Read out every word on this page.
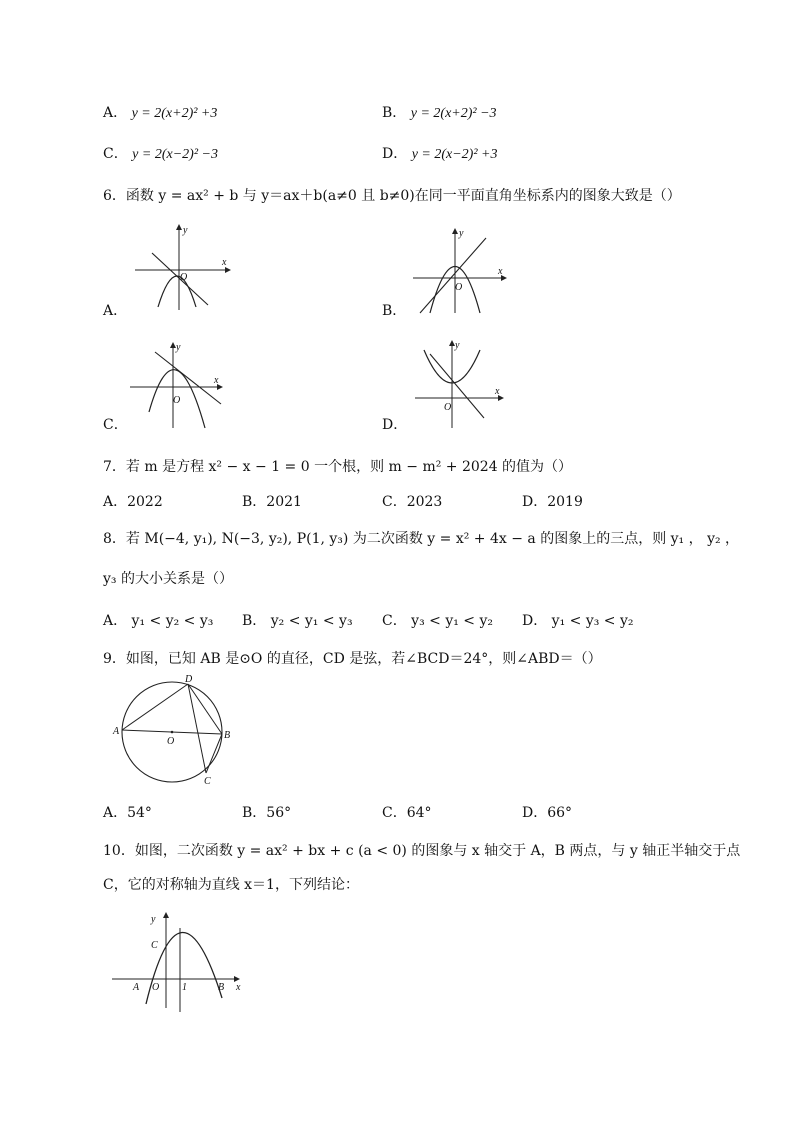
A． y = 2(x+2)² +3	B． y = 2(x+2)² −3
C． y = 2(x−2)² −3	D． y = 2(x−2)² +3
6．函数 y = ax² + b 与 y＝ax＋b(a≠0 且 b≠0)在同一平面直角坐标系内的图象大致是（）
x
y
O
A．
x
y
O
B．
x
y
O
C．
x
y
O
D．
7．若 m 是方程 x² − x − 1 = 0 一个根，则 m − m² + 2024 的值为（）
A．2022	B．2021	C．2023	D．2019
8．若 M(−4, y₁), N(−3, y₂), P(1, y₃) 为二次函数 y = x² + 4x − a 的图象上的三点，则 y₁ ， y₂ ，
y₃ 的大小关系是（）
A． y₁ < y₂ < y₃ B． y₂ < y₁ < y₃ C． y₃ < y₁ < y₂ D． y₁ < y₃ < y₂
9．如图，已知 AB 是⊙O 的直径，CD 是弦，若∠BCD＝24°，则∠ABD＝（）
A	B
C
D
O
A．54°	B．56°	C．64°	D．66°
10．如图，二次函数 y = ax² + bx + c (a < 0) 的图象与 x 轴交于 A，B 两点，与 y 轴正半轴交于点
C，它的对称轴为直线 x＝1，下列结论：
y
x
C
A O 1	B
